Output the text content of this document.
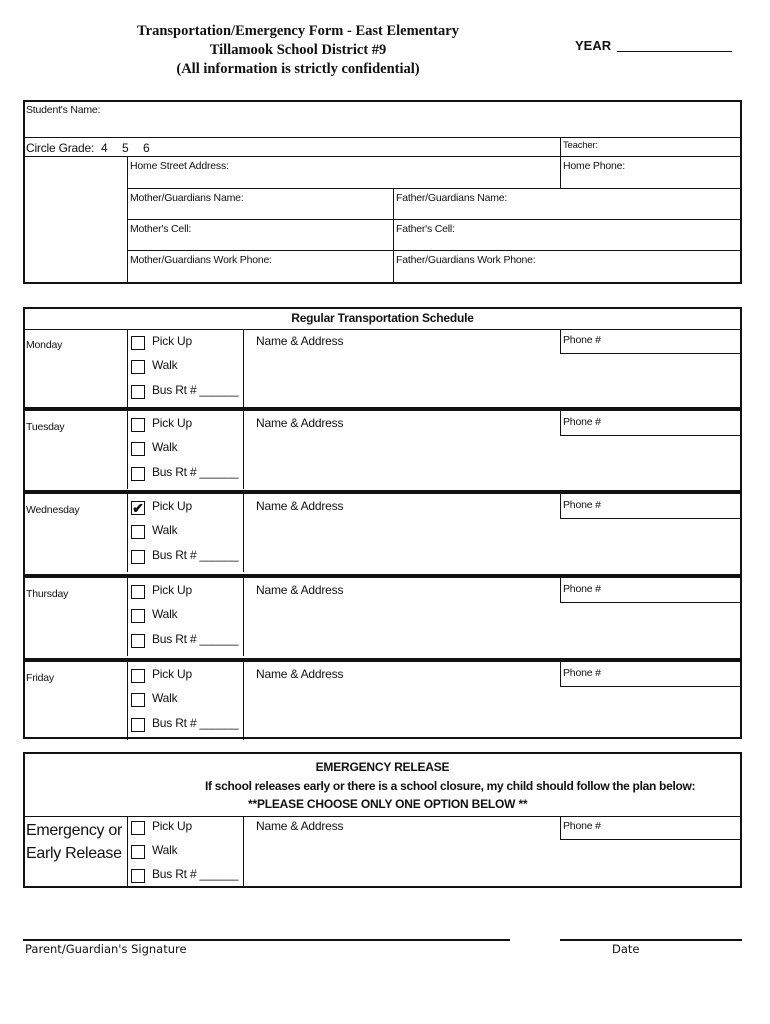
Transportation/Emergency Form - East Elementary
Tillamook School District #9
(All information is strictly confidential)
YEAR
Student's Name:
Circle Grade: 4 5 6	Teacher:
Home Street Address:	Home Phone:
Mother/Guardians Name:	Father/Guardians Name:
Mother's Cell:	Father's Cell:
Mother/Guardians Work Phone:	Father/Guardians Work Phone:
Regular Transportation Schedule
Monday	Name & Address	Phone #
Pick Up
Walk
Bus Rt # ______
Tuesday	Name & Address	Phone #
Pick Up
Walk
Bus Rt # ______
Wednesday	Name & Address	Phone #
✔ Pick Up
Walk
Bus Rt # ______
Thursday	Name & Address	Phone #
Pick Up
Walk
Bus Rt # ______
Friday	Name & Address	Phone #
Pick Up
Walk
Bus Rt # ______
EMERGENCY RELEASE
If school releases early or there is a school closure, my child should follow the plan below:
**PLEASE CHOOSE ONLY ONE OPTION BELOW **
Emergency or
Early Release
Pick Up
Walk
Bus Rt # ______
Name & Address	Phone #
Parent/Guardian's Signature	Date
